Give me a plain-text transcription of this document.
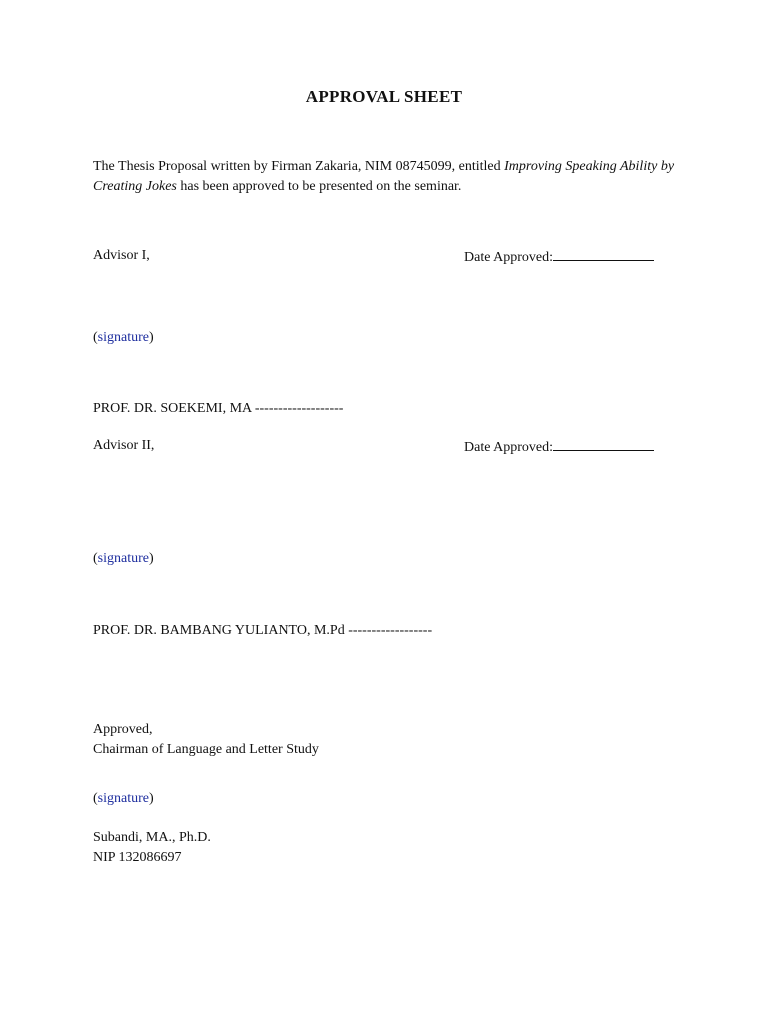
APPROVAL SHEET
The Thesis Proposal written by Firman Zakaria, NIM 08745099, entitled Improving Speaking Ability by Creating Jokes has been approved to be presented on the seminar.
Advisor I,	Date Approved:
(signature)
PROF. DR. SOEKEMI, MA -------------------
Advisor II,	Date Approved:
(signature)
PROF. DR. BAMBANG YULIANTO, M.Pd ------------------
Approved,
Chairman of Language and Letter Study
(signature)
Subandi, MA., Ph.D.
NIP 132086697
